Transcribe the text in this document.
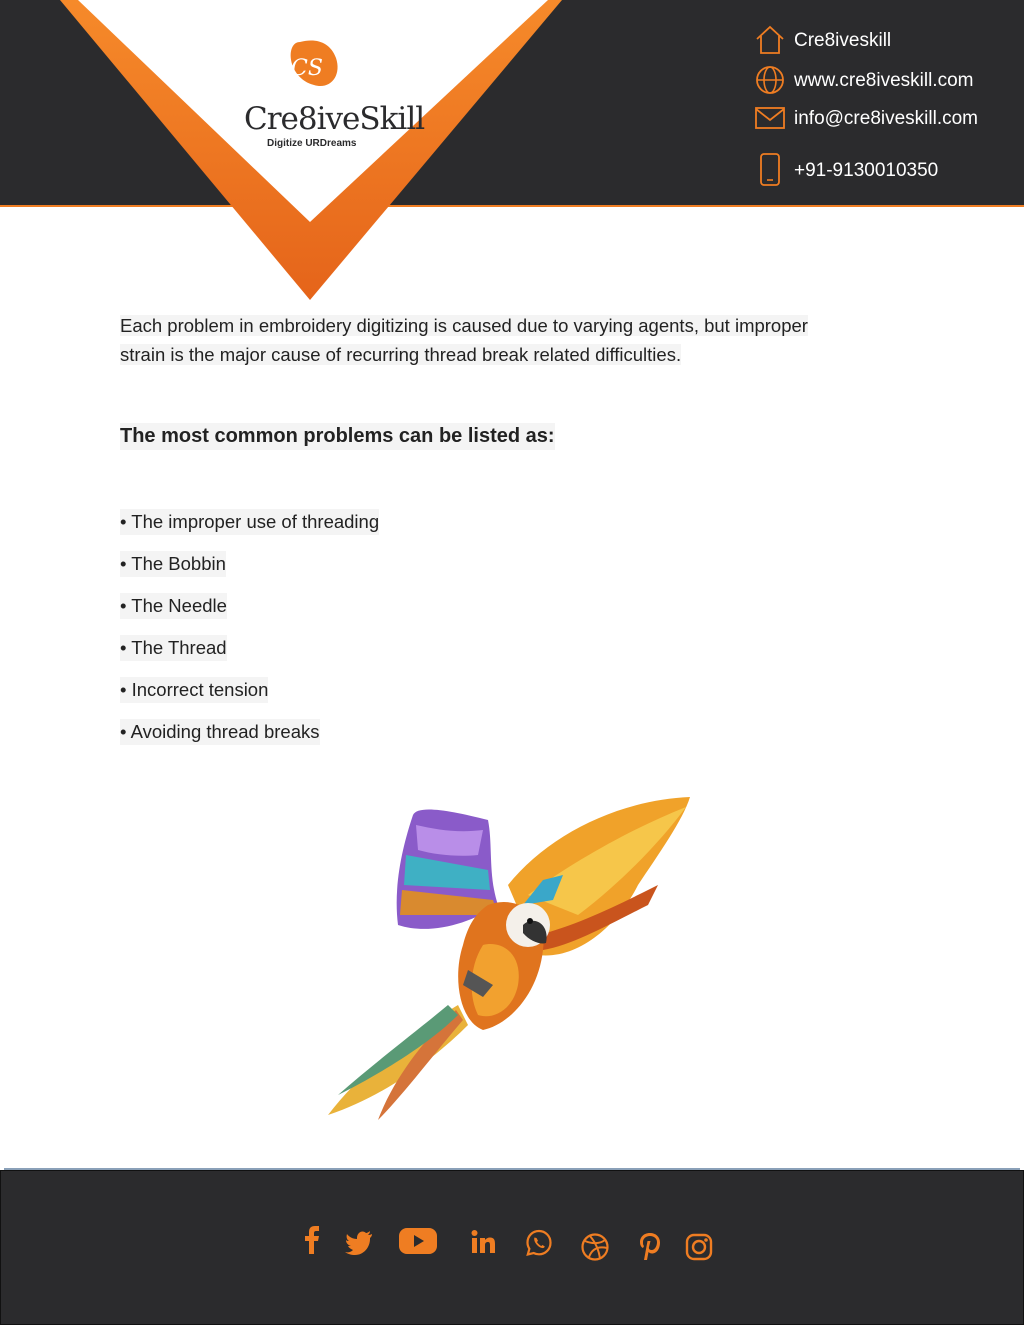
CS
Cre8iveSkill
Digitize URDreams
Cre8iveskill
www.cre8iveskill.com
info@cre8iveskill.com
+91-9130010350
Each problem in embroidery digitizing is caused due to varying agents, but improper
strain is the major cause of recurring thread break related difficulties.
The most common problems can be listed as:
• The improper use of threading
• The Bobbin
• The Needle
• The Thread
• Incorrect tension
• Avoiding thread breaks
